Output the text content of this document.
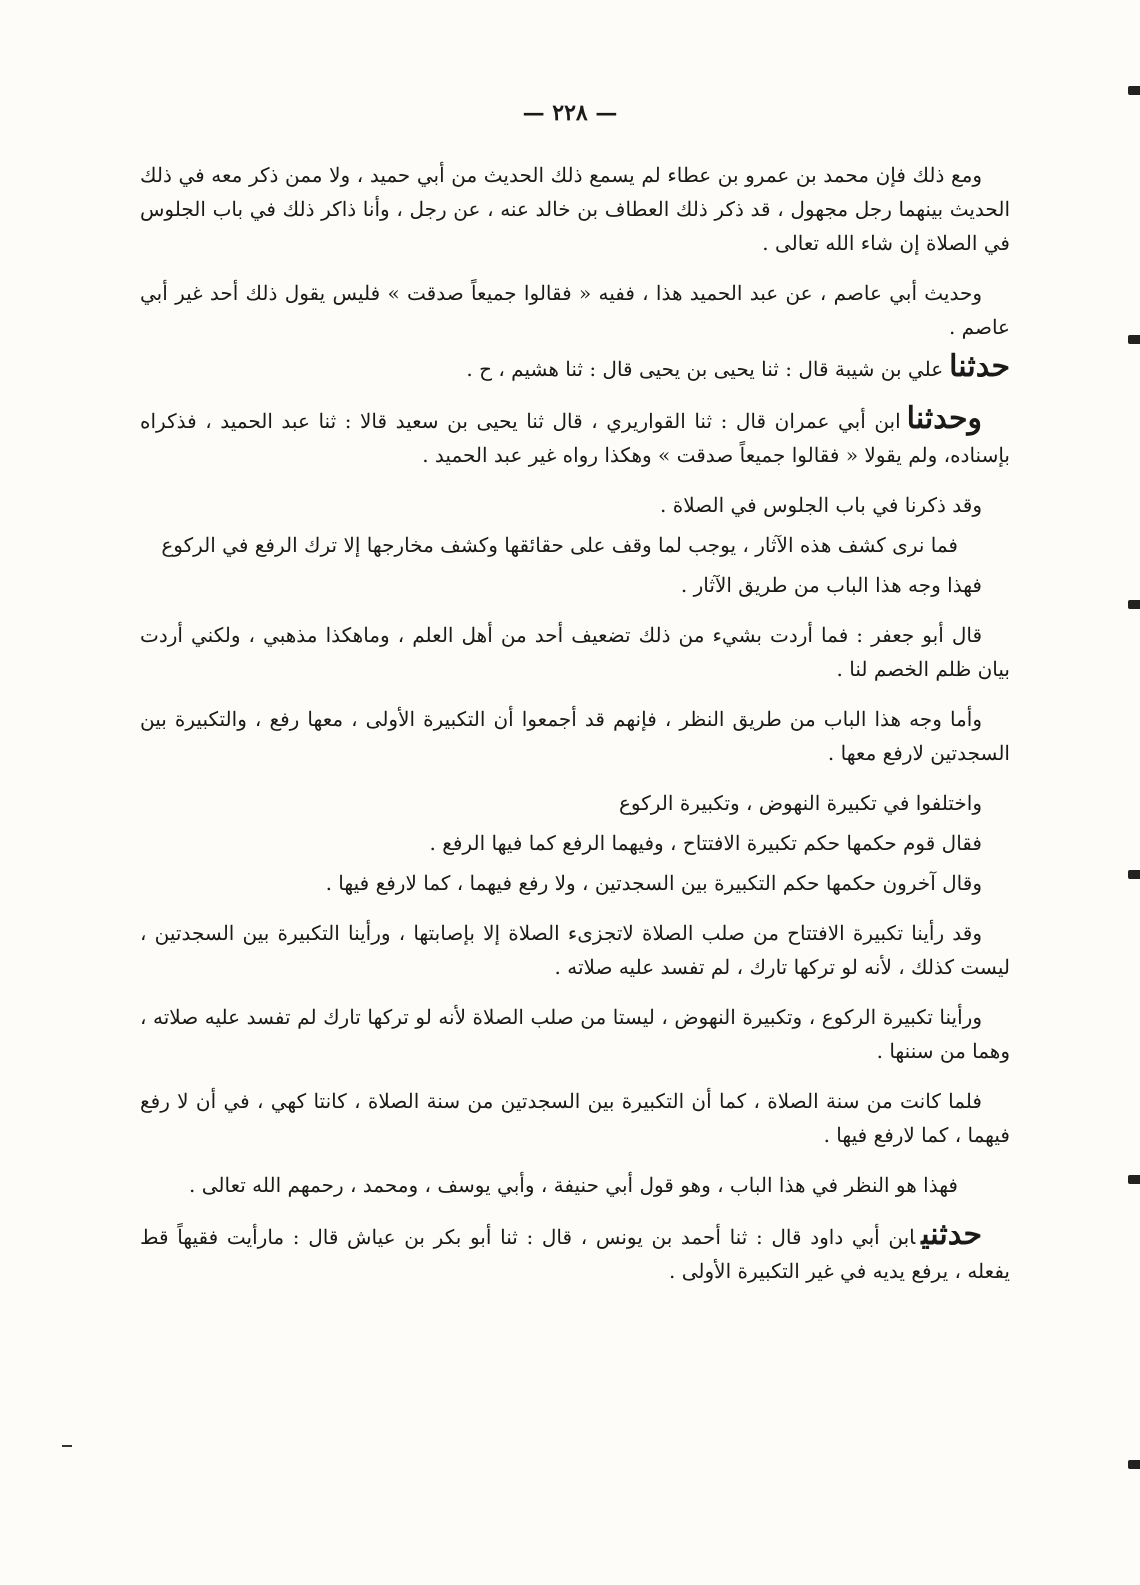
— ٢٢٨ —

ومع ذلك فإن محمد بن عمرو بن عطاء لم يسمع ذلك الحديث من أبي حميد ، ولا ممن ذكر معه في ذلك الحديث بينهما رجل مجهول ، قد ذكر ذلك العطاف بن خالد عنه ، عن رجل ، وأنا ذاكر ذلك في باب الجلوس في الصلاة إن شاء الله تعالى .

وحديث أبي عاصم ، عن عبد الحميد هذا ، ففيه « فقالوا جميعاً صدقت » فليس يقول ذلك أحد غير أبي عاصم .

حدثناعلي بن شيبة قال : ثنا يحيى بن يحيى قال : ثنا هشيم ، ح .

وحدثناابن أبي عمران قال : ثنا القواريري ، قال ثنا يحيى بن سعيد قالا : ثنا عبد الحميد ، فذكراه بإسناده، ولم يقولا « فقالوا جميعاً صدقت » وهكذا رواه غير عبد الحميد .

وقد ذكرنا في باب الجلوس في الصلاة .

فما نرى كشف هذه الآثار ، يوجب لما وقف على حقائقها وكشف مخارجها إلا ترك الرفع في الركوع

فهذا وجه هذا الباب من طريق الآثار .

قال أبو جعفر : فما أردت بشيء من ذلك تضعيف أحد من أهل العلم ، وماهكذا مذهبي ، ولكني أردت بيان ظلم الخصم لنا .

وأما وجه هذا الباب من طريق النظر ، فإنهم قد أجمعوا أن التكبيرة الأولى ، معها رفع ، والتكبيرة بين السجدتين لارفع معها .

واختلفوا في تكبيرة النهوض ، وتكبيرة الركوع

فقال قوم حكمها حكم تكبيرة الافتتاح ، وفيهما الرفع كما فيها الرفع .

وقال آخرون حكمها حكم التكبيرة بين السجدتين ، ولا رفع فيهما ، كما لارفع فيها .

وقد رأينا تكبيرة الافتتاح من صلب الصلاة لاتجزىء الصلاة إلا بإصابتها ، ورأينا التكبيرة بين السجدتين ، ليست كذلك ، لأنه لو تركها تارك ، لم تفسد عليه صلاته .

ورأينا تكبيرة الركوع ، وتكبيرة النهوض ، ليستا من صلب الصلاة لأنه لو تركها تارك لم تفسد عليه صلاته ، وهما من سننها .

فلما كانت من سنة الصلاة ، كما أن التكبيرة بين السجدتين من سنة الصلاة ، كانتا كهي ، في أن لا رفع فيهما ، كما لارفع فيها .

فهذا هو النظر في هذا الباب ، وهو قول أبي حنيفة ، وأبي يوسف ، ومحمد ، رحمهم الله تعالى .

حدثنيابن أبي داود قال : ثنا أحمد بن يونس ، قال : ثنا أبو بكر بن عياش قال : مارأيت فقيهاً قط يفعله ، يرفع يديه في غير التكبيرة الأولى .
